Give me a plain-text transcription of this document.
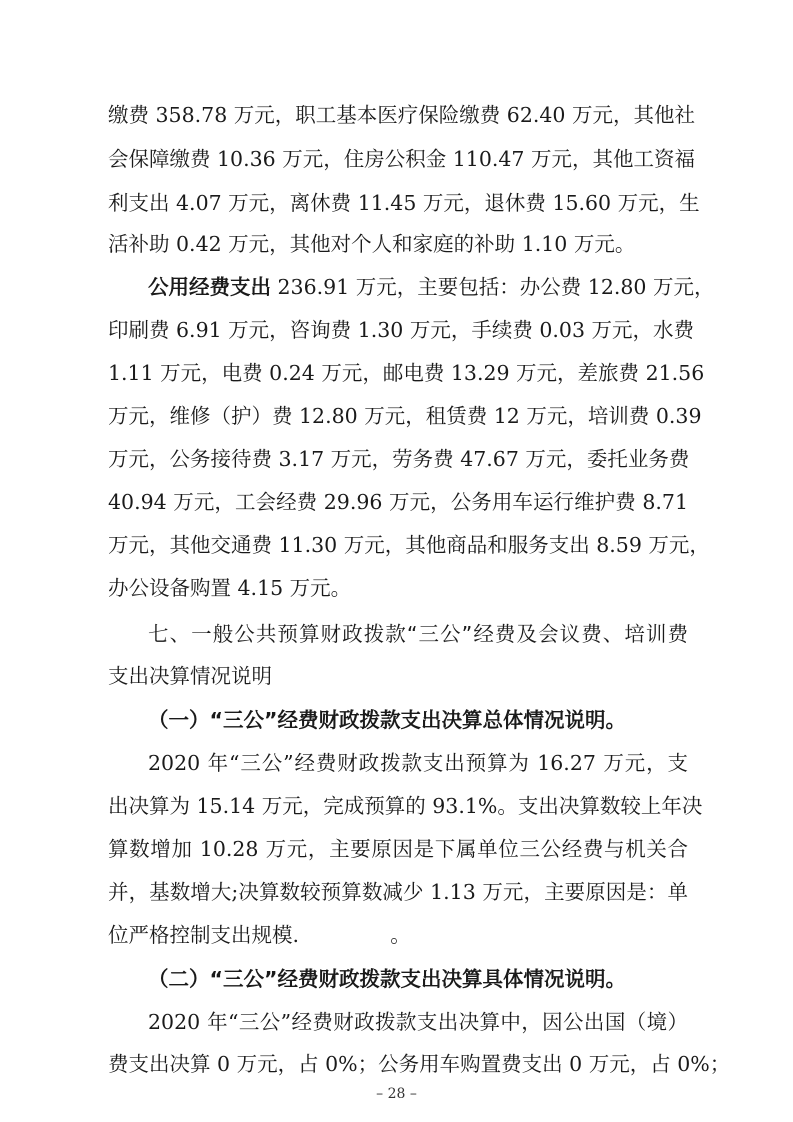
缴费 358.78 万元，职工基本医疗保险缴费 62.40 万元，其他社
会保障缴费 10.36 万元，住房公积金 110.47 万元，其他工资福
利支出 4.07 万元，离休费 11.45 万元，退休费 15.60 万元，生
活补助 0.42 万元，其他对个人和家庭的补助 1.10 万元。
公用经费支出 236.91 万元，主要包括：办公费 12.80 万元，
印刷费 6.91 万元，咨询费 1.30 万元，手续费 0.03 万元，水费
1.11 万元，电费 0.24 万元，邮电费 13.29 万元，差旅费 21.56
万元，维修（护）费 12.80 万元，租赁费 12 万元，培训费 0.39
万元，公务接待费 3.17 万元，劳务费 47.67 万元，委托业务费
40.94 万元，工会经费 29.96 万元，公务用车运行维护费 8.71
万元，其他交通费 11.30 万元，其他商品和服务支出 8.59 万元，
办公设备购置 4.15 万元。
七、一般公共预算财政拨款“三公”经费及会议费、培训费
支出决算情况说明
（一）“三公”经费财政拨款支出决算总体情况说明。
2020 年“三公”经费财政拨款支出预算为 16.27 万元，支
出决算为 15.14 万元，完成预算的 93.1%。支出决算数较上年决
算数增加 10.28 万元，主要原因是下属单位三公经费与机关合
并，基数增大;决算数较预算数减少 1.13 万元，主要原因是：单
位严格控制支出规模.              。
（二）“三公”经费财政拨款支出决算具体情况说明。
2020 年“三公”经费财政拨款支出决算中，因公出国（境）
费支出决算 0 万元，占 0%；公务用车购置费支出 0 万元，占 0%；
– 28 –
